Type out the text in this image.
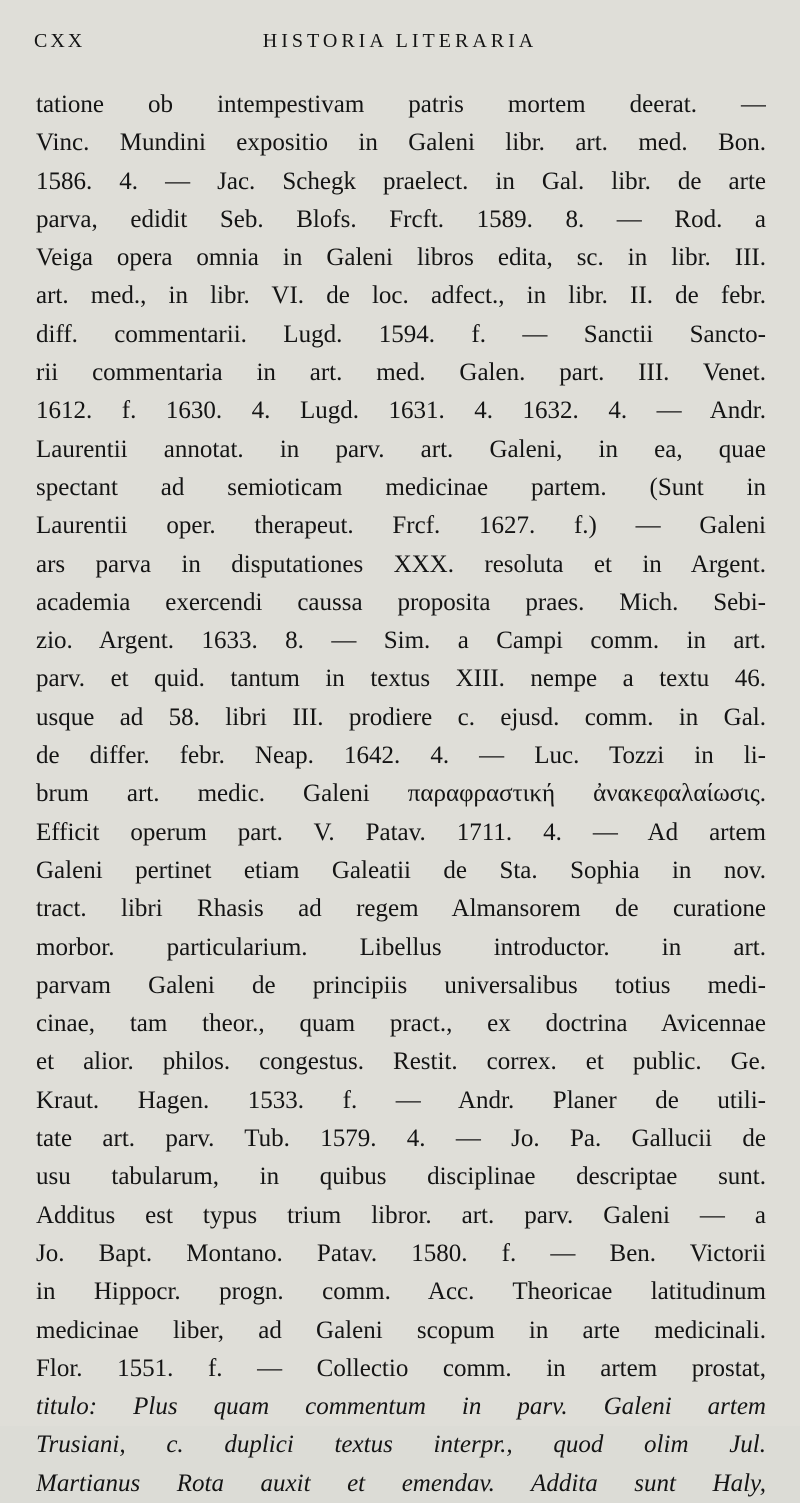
CXX	HISTORIA LITERARIA
tatione ob intempestivam patris mortem deerat. —
Vinc. Mundini expositio in Galeni libr. art. med. Bon.
1586. 4. — Jac. Schegk praelect. in Gal. libr. de arte
parva, edidit Seb. Blofs. Frcft. 1589. 8. — Rod. a
Veiga opera omnia in Galeni libros edita, sc. in libr. III.
art. med., in libr. VI. de loc. adfect., in libr. II. de febr.
diff. commentarii. Lugd. 1594. f. — Sanctii Sancto-
rii commentaria in art. med. Galen. part. III. Venet.
1612. f. 1630. 4. Lugd. 1631. 4. 1632. 4. — Andr.
Laurentii annotat. in parv. art. Galeni, in ea, quae
spectant ad semioticam medicinae partem. (Sunt in
Laurentii oper. therapeut. Frcf. 1627. f.) — Galeni
ars parva in disputationes XXX. resoluta et in Argent.
academia exercendi caussa proposita praes. Mich. Sebi-
zio. Argent. 1633. 8. — Sim. a Campi comm. in art.
parv. et quid. tantum in textus XIII. nempe a textu 46.
usque ad 58. libri III. prodiere c. ejusd. comm. in Gal.
de differ. febr. Neap. 1642. 4. — Luc. Tozzi in li-
brum art. medic. Galeni παραφραστική ἀνακεφαλαίωσις.
Efficit operum part. V. Patav. 1711. 4. — Ad artem
Galeni pertinet etiam Galeatii de Sta. Sophia in nov.
tract. libri Rhasis ad regem Almansorem de curatione
morbor. particularium. Libellus introductor. in art.
parvam Galeni de principiis universalibus totius medi-
cinae, tam theor., quam pract., ex doctrina Avicennae
et alior. philos. congestus. Restit. correx. et public. Ge.
Kraut. Hagen. 1533. f. — Andr. Planer de utili-
tate art. parv. Tub. 1579. 4. — Jo. Pa. Gallucii de
usu tabularum, in quibus disciplinae descriptae sunt.
Additus est typus trium libror. art. parv. Galeni — a
Jo. Bapt. Montano. Patav. 1580. f. — Ben. Victorii
in Hippocr. progn. comm. Acc. Theoricae latitudinum
medicinae liber, ad Galeni scopum in arte medicinali.
Flor. 1551. f. — Collectio comm. in artem prostat,
titulo: Plus quam commentum in parv. Galeni artem
Trusiani, c. duplici textus interpr., quod olim Jul.
Martianus Rota auxit et emendav. Addita sunt Haly,
